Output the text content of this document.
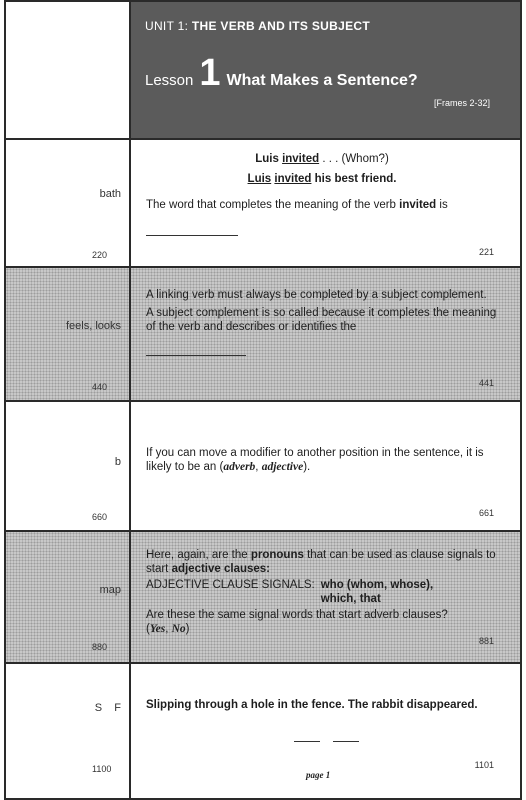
UNIT 1: THE VERB AND ITS SUBJECT
Lesson 1 What Makes a Sentence?
[Frames 2-32]
bath
220

Luis invited . . . (Whom?)

Luis invited his best friend.

The word that completes the meaning of the verb invited is

221
feels, looks
440

A linking verb must always be completed by a subject complement.

A subject complement is so called because it completes the meaning of the verb and describes or identifies the

441
b
660

If you can move a modifier to another position in the sentence, it is likely to be an (adverb, adjective).

661
map
880

Here, again, are the pronouns that can be used as clause signals to start adjective clauses:

ADJECTIVE CLAUSE SIGNALS: who (whom, whose),
which, that

Are these the same signal words that start adverb clauses?

(Yes, No)

881
S    F
1100

Slipping through a hole in the fence. The rabbit disappeared.

1101
page 1
